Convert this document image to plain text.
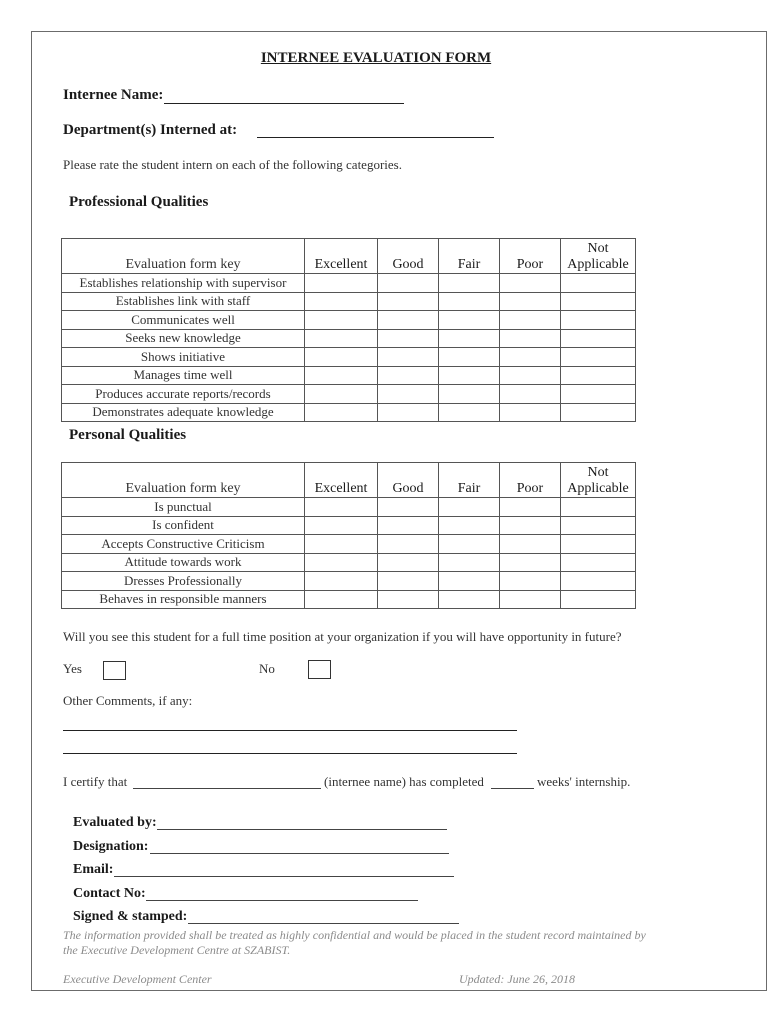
INTERNEE EVALUATION FORM
Internee Name:
Department(s) Interned at:
Please rate the student intern on each of the following categories.
Professional Qualities
Evaluation form key	Excellent	Good	Fair	Poor	Not
Applicable
Establishes relationship with supervisor					
Establishes link with staff					
Communicates well					
Seeks new knowledge					
Shows initiative					
Manages time well					
Produces accurate reports/records					
Demonstrates adequate knowledge					
Personal Qualities
Evaluation form key	Excellent	Good	Fair	Poor	Not
Applicable
Is punctual					
Is confident					
Accepts Constructive Criticism					
Attitude towards work					
Dresses Professionally					
Behaves in responsible manners					
Will you see this student for a full time position at your organization if you will have opportunity in future?
Yes	No
Other Comments, if any:
I certify that	(internee name) has completed	weeks' internship.
Evaluated by:
Designation:
Email:
Contact No:
Signed & stamped:
The information provided shall be treated as highly confidential and would be placed in the student record maintained by
the Executive Development Centre at SZABIST.
Executive Development Center	Updated: June 26, 2018
